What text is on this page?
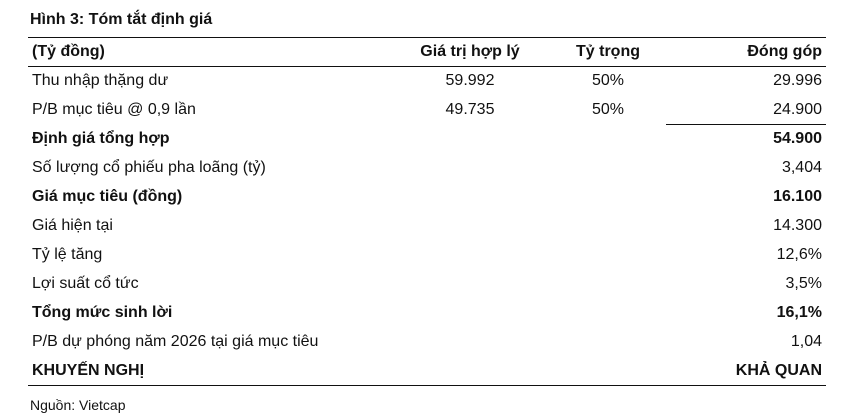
Hình 3: Tóm tắt định giá
(Tỷ đồng)	Giá trị hợp lý	Tỷ trọng	Đóng góp
Thu nhập thặng dư	59.992	50%	29.996
P/B mục tiêu @ 0,9 lần	49.735	50%	24.900
Định giá tổng hợp			54.900
Số lượng cổ phiếu pha loãng (tỷ)			3,404
Giá mục tiêu (đồng)			16.100
Giá hiện tại			14.300
Tỷ lệ tăng			12,6%
Lợi suất cổ tức			3,5%
Tổng mức sinh lời			16,1%
P/B dự phóng năm 2026 tại giá mục tiêu			1,04
KHUYẾN NGHỊ			KHẢ QUAN
Nguồn: Vietcap
